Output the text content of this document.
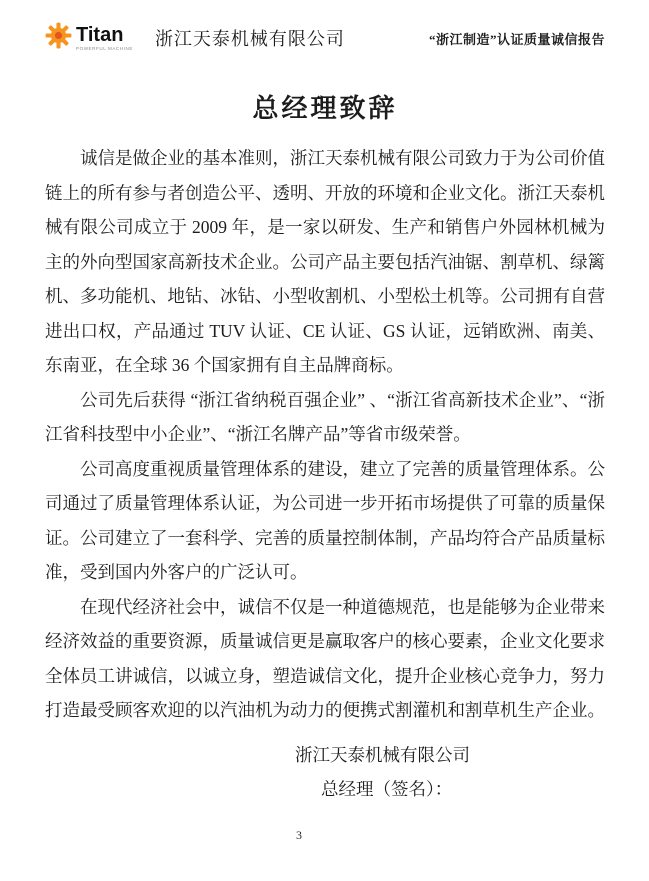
Titan
POWERFUL MACHINE 浙江天泰机械有限公司	“浙江制造”认证质量诚信报告
总经理致辞

诚信是做企业的基本准则，浙江天泰机械有限公司致力于为公司价值链上的所有参与者创造公平、透明、开放的环境和企业文化。浙江天泰机械有限公司成立于 2009 年，是一家以研发、生产和销售户外园林机械为主的外向型国家高新技术企业。公司产品主要包括汽油锯、割草机、绿篱机、多功能机、地钻、冰钻、小型收割机、小型松土机等。公司拥有自营进出口权，产品通过 TUV 认证、CE 认证、GS 认证，远销欧洲、南美、东南亚，在全球 36 个国家拥有自主品牌商标。

公司先后获得 “浙江省纳税百强企业” 、“浙江省高新技术企业”、“浙江省科技型中小企业”、“浙江名牌产品”等省市级荣誉。

公司高度重视质量管理体系的建设，建立了完善的质量管理体系。公司通过了质量管理体系认证，为公司进一步开拓市场提供了可靠的质量保证。公司建立了一套科学、完善的质量控制体制，产品均符合产品质量标准，受到国内外客户的广泛认可。

在现代经济社会中，诚信不仅是一种道德规范，也是能够为企业带来经济效益的重要资源，质量诚信更是赢取客户的核心要素，企业文化要求全体员工讲诚信，以诚立身，塑造诚信文化，提升企业核心竞争力，努力打造最受顾客欢迎的以汽油机为动力的便携式割灌机和割草机生产企业。

浙江天泰机械有限公司
总经理（签名）：
3
